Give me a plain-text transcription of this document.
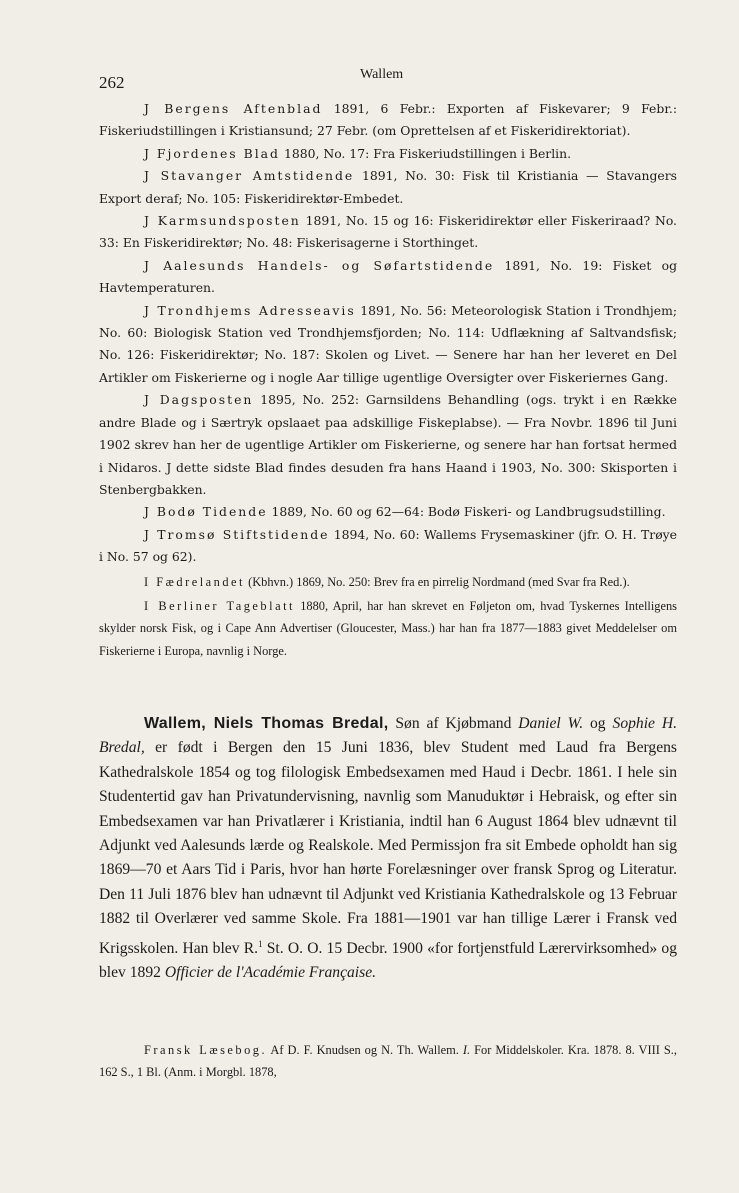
262	Wallem

J Bergens Aftenblad 1891, 6 Febr.: Exporten af Fiskevarer; 9 Febr.: Fiskeriudstillingen i Kristiansund; 27 Febr. (om Oprettelsen af et Fiskeridirektoriat).

J Fjordenes Blad 1880, No. 17: Fra Fiskeriudstillingen i Berlin.

J Stavanger Amtstidende 1891, No. 30: Fisk til Kristiania — Stavangers Export deraf; No. 105: Fiskeridirektør-Embedet.

J Karmsundsposten 1891, No. 15 og 16: Fiskeridirektør eller Fiskeriraad? No. 33: En Fiskeridirektør; No. 48: Fiskerisagerne i Storthinget.

J Aalesunds Handels- og Søfartstidende 1891, No. 19: Fisket og Havtemperaturen.

J Trondhjems Adresseavis 1891, No. 56: Meteorologisk Station i Trondhjem; No. 60: Biologisk Station ved Trondhjemsfjorden; No. 114: Udflækning af Saltvandsfisk; No. 126: Fiskeridirektør; No. 187: Skolen og Livet. — Senere har han her leveret en Del Artikler om Fiskerierne og i nogle Aar tillige ugentlige Oversigter over Fiskeriernes Gang.

J Dagsposten 1895, No. 252: Garnsildens Behandling (ogs. trykt i en Række andre Blade og i Særtryk opslaaet paa adskillige Fiskeplabse). — Fra Novbr. 1896 til Juni 1902 skrev han her de ugentlige Artikler om Fiskerierne, og senere har han fortsat hermed i Nidaros. J dette sidste Blad findes desuden fra hans Haand i 1903, No. 300: Skisporten i Stenbergbakken.

J Bodø Tidende 1889, No. 60 og 62—64: Bodø Fiskeri- og Landbrugsudstilling.

J Tromsø Stiftstidende 1894, No. 60: Wallems Frysemaskiner (jfr. O. H. Trøye i No. 57 og 62).

I Fædrelandet (Kbhvn.) 1869, No. 250: Brev fra en pirrelig Nordmand (med Svar fra Red.).

I Berliner Tageblatt 1880, April, har han skrevet en Føljeton om, hvad Tyskernes Intelligens skylder norsk Fisk, og i Cape Ann Advertiser (Gloucester, Mass.) har han fra 1877—1883 givet Meddelelser om Fiskerierne i Europa, navnlig i Norge.

Wallem, Niels Thomas Bredal, Søn af Kjøbmand Daniel W. og Sophie H. Bredal, er født i Bergen den 15 Juni 1836, blev Student med Laud fra Bergens Kathedralskole 1854 og tog filologisk Embedsexamen med Haud i Decbr. 1861. I hele sin Studentertid gav han Privatundervisning, navnlig som Manuduktør i Hebraisk, og efter sin Embedsexamen var han Privatlærer i Kristiania, indtil han 6 August 1864 blev udnævnt til Adjunkt ved Aalesunds lærde og Realskole. Med Permissjon fra sit Embede opholdt han sig 1869—70 et Aars Tid i Paris, hvor han hørte Forelæsninger over fransk Sprog og Literatur. Den 11 Juli 1876 blev han udnævnt til Adjunkt ved Kristiania Kathedralskole og 13 Februar 1882 til Overlærer ved samme Skole. Fra 1881—1901 var han tillige Lærer i Fransk ved Krigsskolen. Han blev R.$^1$ St. O. O. 15 Decbr. 1900 «for fortjenstfuld Lærervirksomhed» og blev 1892 Officier de l'Académie Française.

Fransk Læsebog. Af D. F. Knudsen og N. Th. Wallem. I. For Middelskoler. Kra. 1878. 8. VIII S., 162 S., 1 Bl. (Anm. i Morgbl. 1878,
